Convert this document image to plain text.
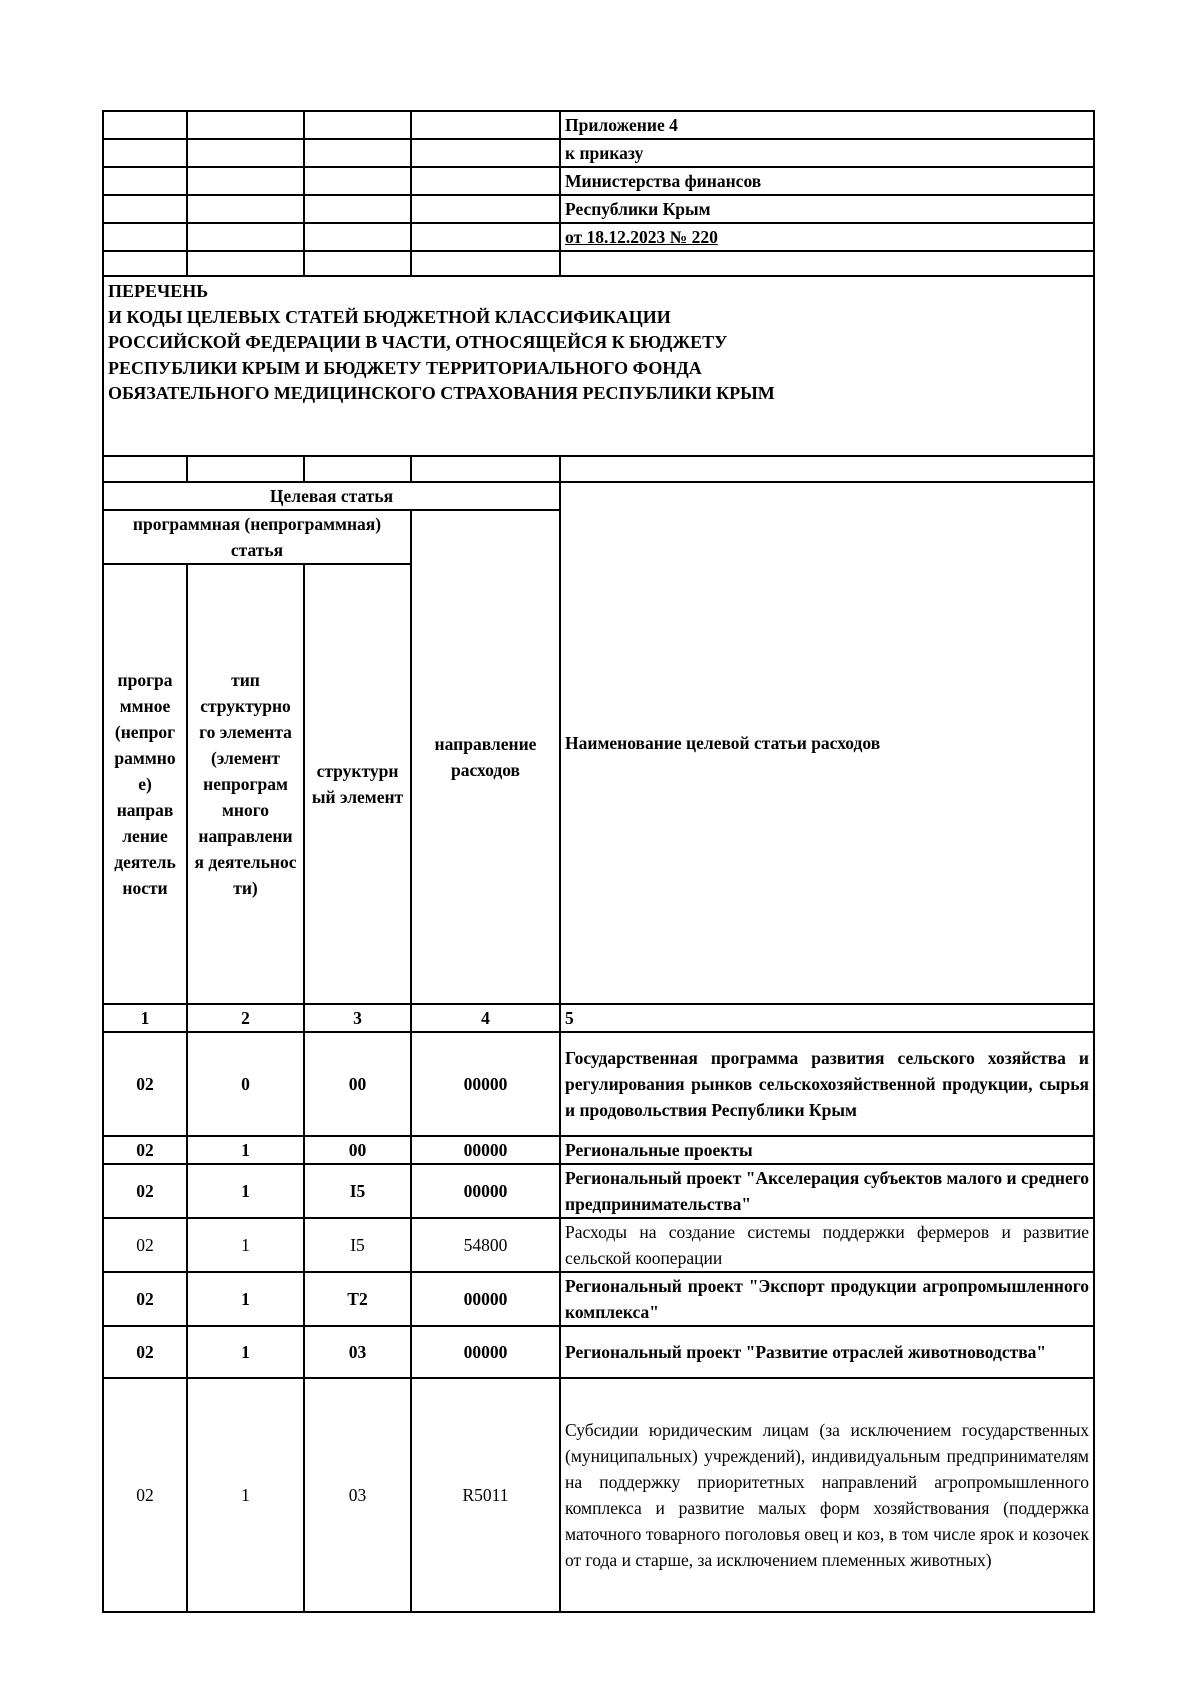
				Приложение 4
				к приказу
				Министерства финансов
				Республики Крым
				от 18.12.2023 № 220

ПЕРЕЧЕНЬ
И КОДЫ ЦЕЛЕВЫХ СТАТЕЙ БЮДЖЕТНОЙ КЛАССИФИКАЦИИ
РОССИЙСКОЙ ФЕДЕРАЦИИ В ЧАСТИ, ОТНОСЯЩЕЙСЯ К БЮДЖЕТУ
РЕСПУБЛИКИ КРЫМ И БЮДЖЕТУ ТЕРРИТОРИАЛЬНОГО ФОНДА
ОБЯЗАТЕЛЬНОГО МЕДИЦИНСКОГО СТРАХОВАНИЯ РЕСПУБЛИКИ КРЫМ				

Целевая статья				Наименование целевой статьи расходов
программная (непрограммная) статья			направление расходов	
програ ммное (непрог раммно е) направ ление деятель ности	тип структурно го элемента (элемент непрограм много направлени я деятельнос ти)	структурн ый элемент		
1	2	3	4	5
02	0	00	00000	Государственная программа развития сельского хозяйства и регулирования рынков сельскохозяйственной продукции, сырья и продовольствия Республики Крым
02	1	00	00000	Региональные проекты
02	1	I5	00000	Региональный проект "Акселерация субъектов малого и среднего предпринимательства"
02	1	I5	54800	Расходы на создание системы поддержки фермеров и развитие сельской кооперации
02	1	T2	00000	Региональный проект "Экспорт продукции агропромышленного комплекса"
02	1	03	00000	Региональный проект "Развитие отраслей животноводства"
02	1	03	R5011	Субсидии юридическим лицам (за исключением государственных (муниципальных) учреждений), индивидуальным предпринимателям на поддержку приоритетных направлений агропромышленного комплекса и развитие малых форм хозяйствования (поддержка маточного товарного поголовья овец и коз, в том числе ярок и козочек от года и старше, за исключением племенных животных)
